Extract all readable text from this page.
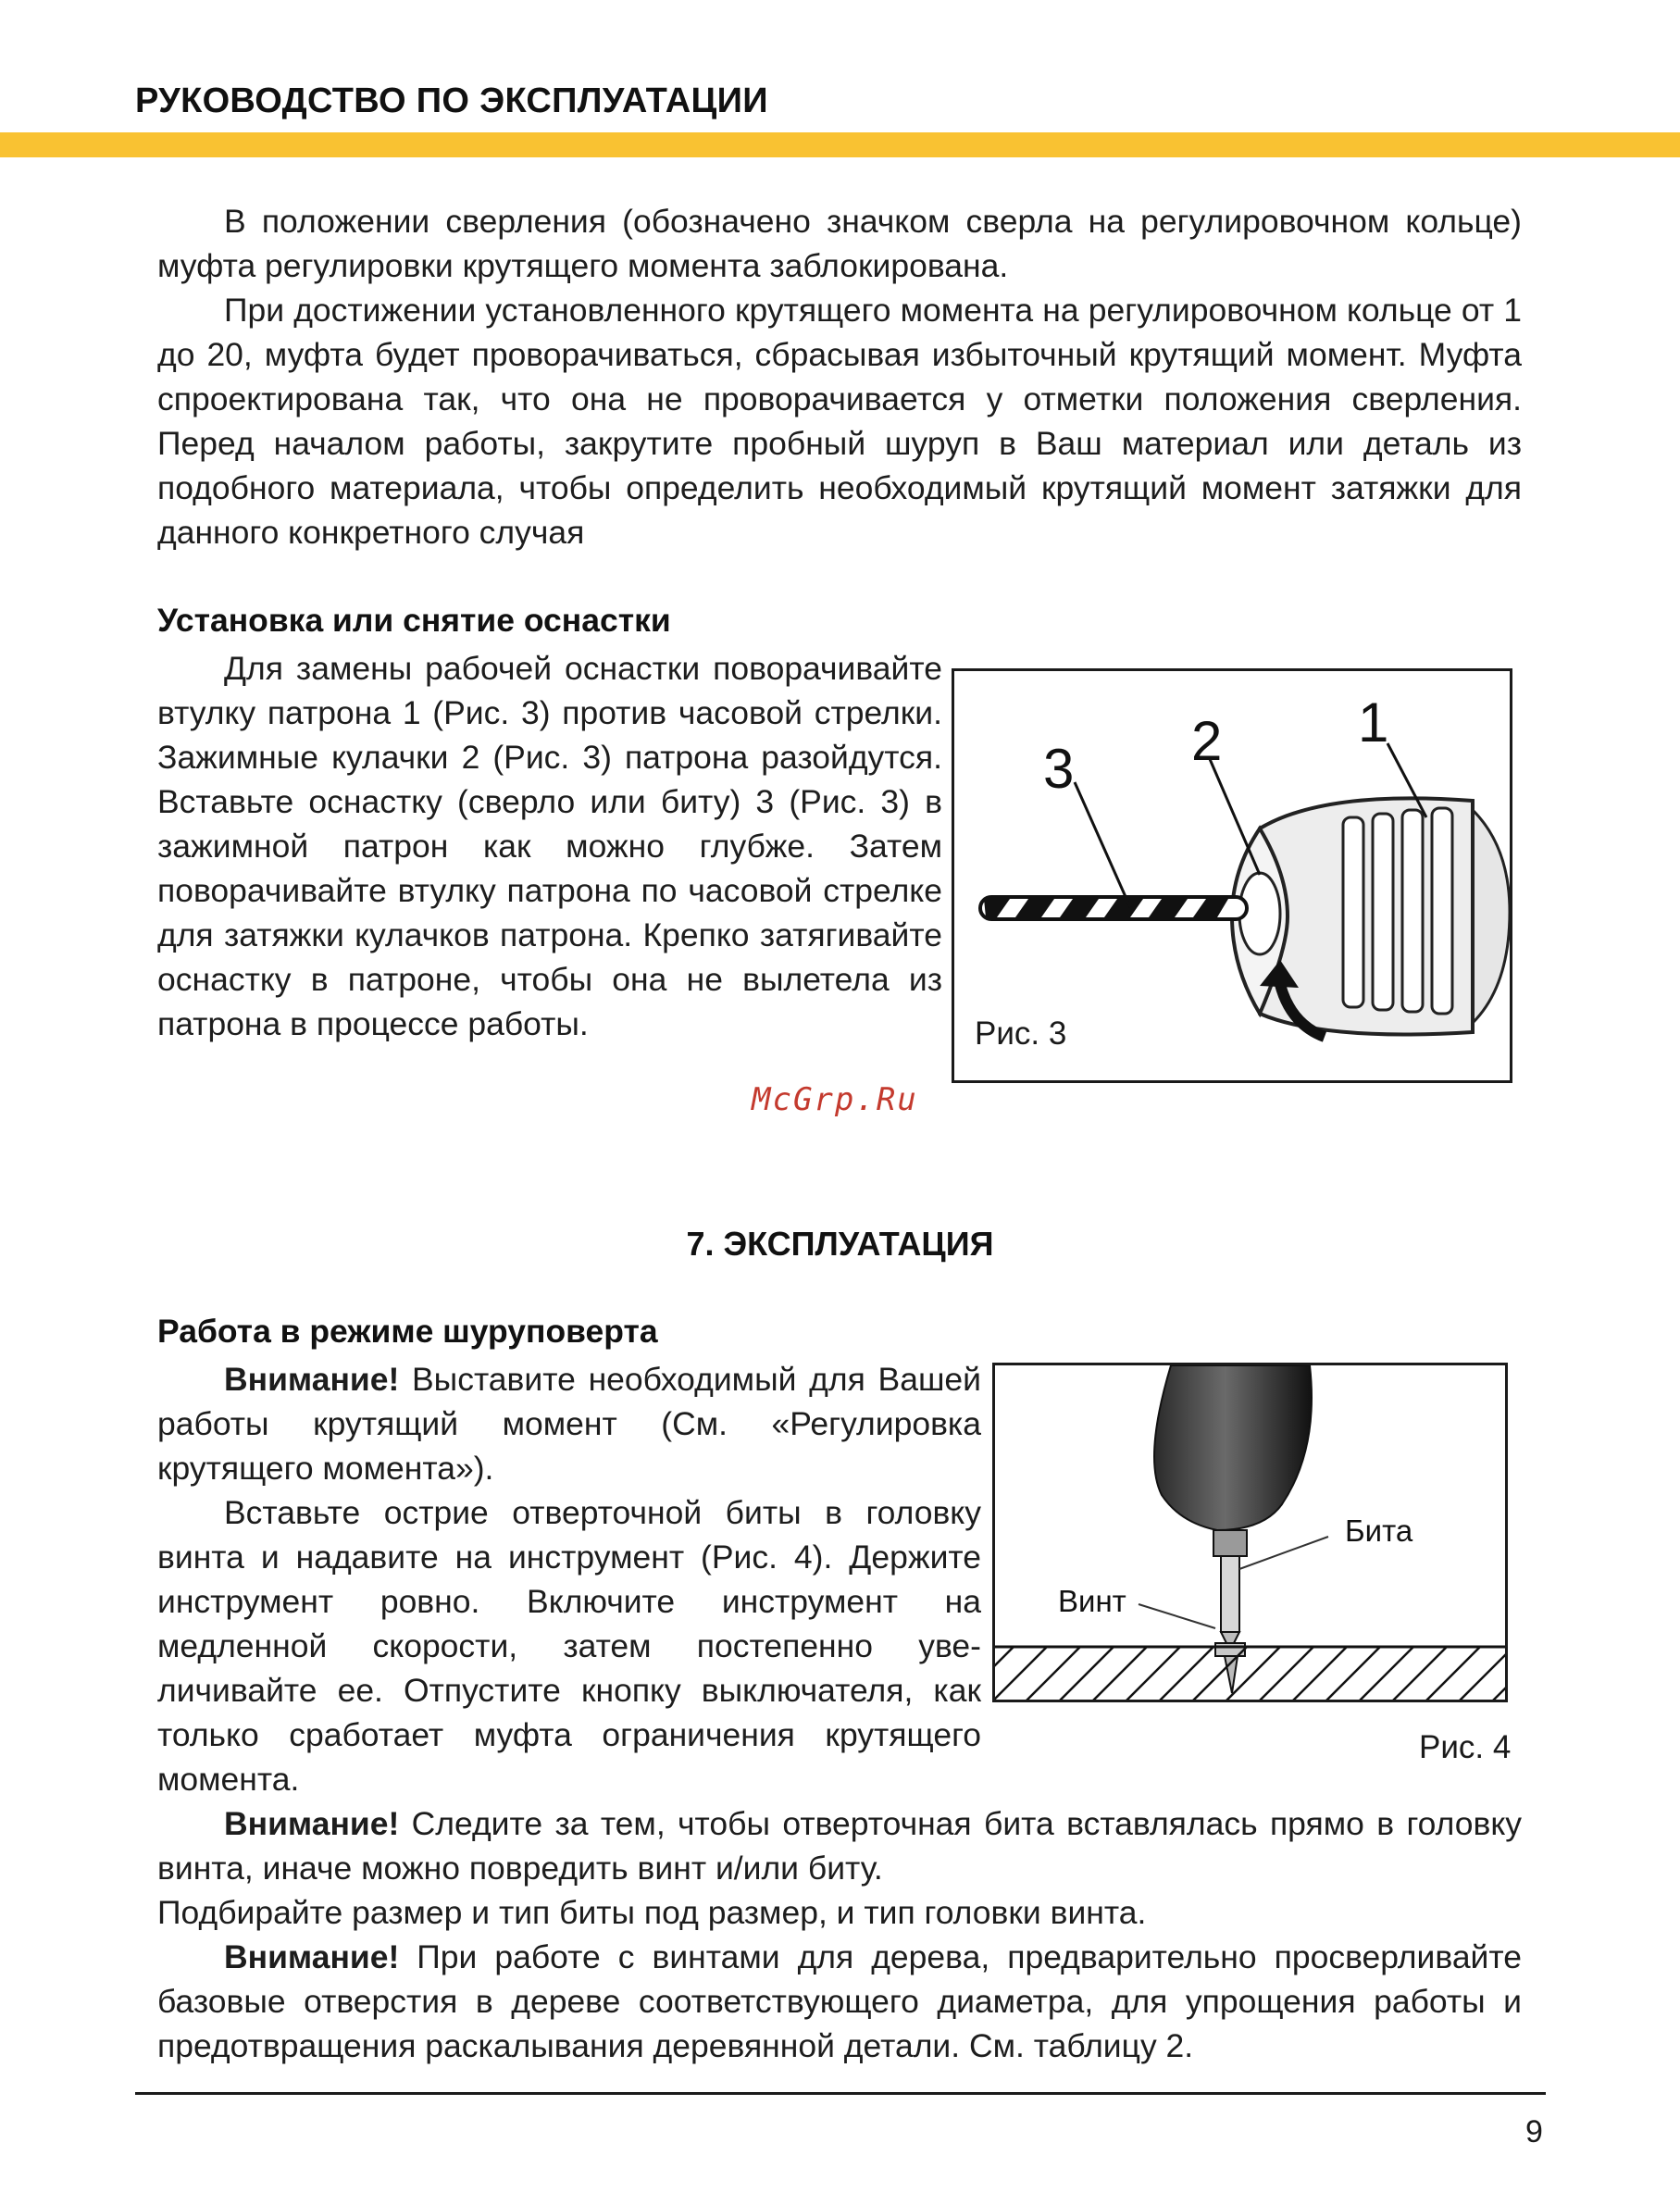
РУКОВОДСТВО ПО ЭКСПЛУАТАЦИИ

В положении сверления (обозначено значком сверла на регулировочном кольце) муфта регулировки крутящего момента заблокирована.

При достижении установленного крутящего момента на регулировочном кольце от 1 до 20, муфта будет проворачиваться, сбрасывая избыточный крутящий момент. Муфта спроектирована так, что она не проворачивается у отметки положения сверления. Перед началом работы, закрутите пробный шуруп в Ваш материал или деталь из подобного материала, чтобы определить необходимый крутящий момент затяжки для данного конкретного случая

Установка или снятие оснастки

Для замены рабочей оснастки поворачивайте втулку патрона 1 (Рис. 3) против часовой стрелки. Зажимные кулачки 2 (Рис. 3) патрона разойдутся. Вставьте оснастку (сверло или биту) 3 (Рис. 3) в зажимной патрон как можно глубже. Затем поворачивайте втулку патрона по часовой стрелке для затяжки кулачков патрона. Крепко затягивайте оснастку в патроне, чтобы она не вылетела из патрона в процессе работы.

3 2 1
Рис. 3
McGrp.Ru
7. ЭКСПЛУАТАЦИЯ
Работа в режиме шуруповерта

Внимание! Выставите необходимый для Вашей работы крутящий момент (См. «Регулировка крутящего момента»).

Вставьте острие отверточной биты в головку винта и надавите на инструмент (Рис. 4). Держите инструмент ровно. Включите инструмент на медленной скорости, затем постепенно увеличивайте ее. Отпустите кнопку выключателя, как только сработает муфта ограничения крутящего момента.

Внимание! Следите за тем, чтобы отверточная бита вставлялась прямо в головку винта, иначе можно повредить винт и/или биту.

Подбирайте размер и тип биты под размер, и тип головки винта.

Внимание! При работе с винтами для дерева, предварительно просверливайте базовые отверстия в дереве соответствующего диаметра, для упрощения работы и предотвращения раскалывания деревянной детали. См. таблицу 2.

Бита
Винт
Рис. 4
9
